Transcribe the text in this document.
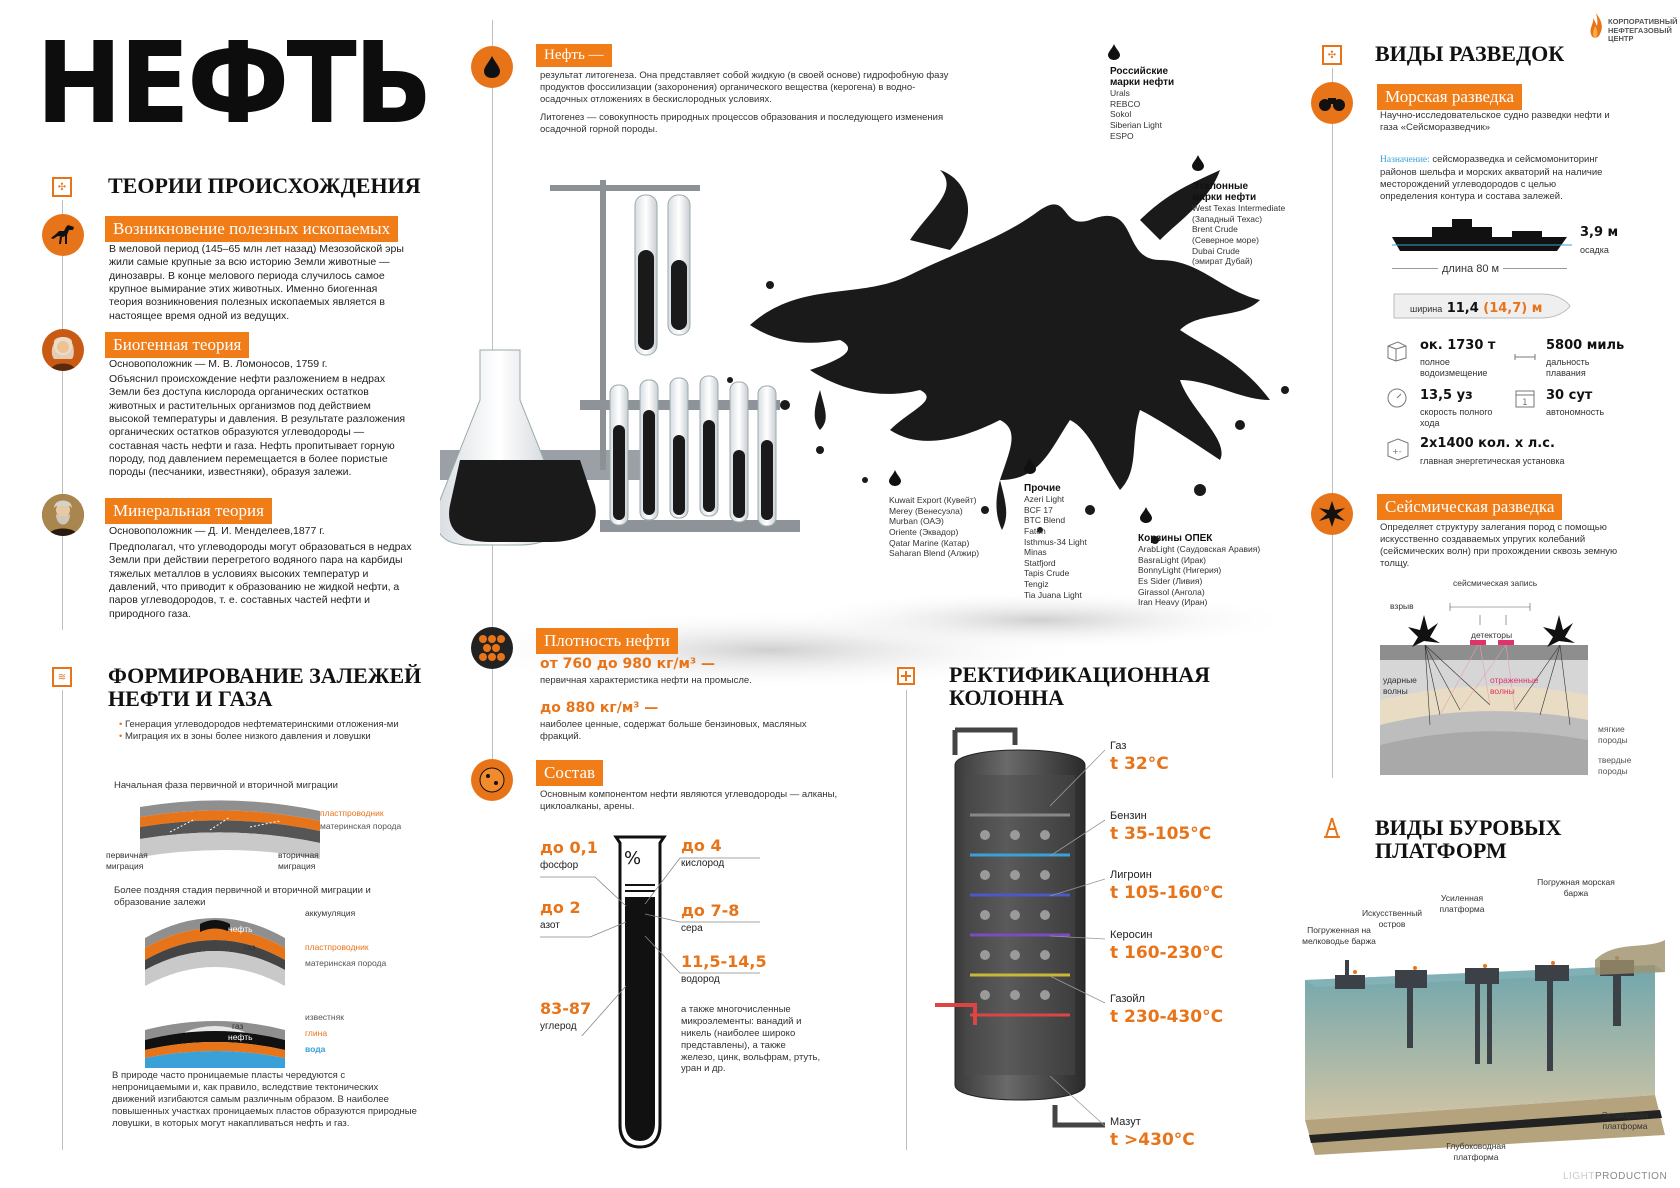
НЕФТЬ	КОРПОРАТИВНЫЙ
НЕФТЕГАЗОВЫЙ
ЦЕНТР
✣ ТЕОРИИ ПРОИСХОЖДЕНИЯ
Возникновение полезных ископаемых
В меловой период (145–65 млн лет назад) Мезозойской эры жили самые крупные за всю историю Земли животные — динозавры. В конце мелового периода случилось самое крупное вымирание этих животных. Именно биогенная теория возникновения полезных ископаемых является в настоящее время одной из ведущих.
Биогенная теория
Основоположник — М. В. Ломоносов, 1759 г.
Объяснил происхождение нефти разложением в недрах Земли без доступа кислорода органических остатков животных и растительных организмов под действием высокой температуры и давления. В результате разложения органических остатков образуются углеводороды — составная часть нефти и газа. Нефть пропитывает горную породу, под давлением перемещается в более пористые породы (песчаники, известняки), образуя залежи.
Минеральная теория
Основоположник — Д. И. Менделеев,1877 г.
Предполагал, что углеводороды могут образоваться в недрах Земли при действии перегретого водяного пара на карбиды тяжелых металлов в условиях высоких температур и давлений, что приводит к образованию не жидкой нефти, а паров углеводородов, т. е. составных частей нефти и природного газа.
≋ ФОРМИРОВАНИЕ ЗАЛЕЖЕЙ
НЕФТИ И ГАЗА
• Генерация углеводородов нефтематеринскими отложения-ми
• Миграция их в зоны более низкого давления и ловушки
Начальная фаза первичной и вторичной миграции
пластпроводник
материнская порода
первичная миграция
вторичная миграция
Более поздняя стадия первичной и вторичной миграции и образование залежи
аккумуляция
нефть
газ	пластпроводник
материнская порода
известняк
газ
нефть	глина
вода
В природе часто проницаемые пласты чередуются с непроницаемыми и, как правило, вследствие тектонических движений изгибаются самым различным образом. В наиболее повышенных участках проницаемых пластов образуются природные ловушки, в которых могут накапливаться нефть и газ.
Нефть —
результат литогенеза. Она представляет собой жидкую (в своей основе) гидрофобную фазу продуктов фоссилизации (захоронения) органического вещества (керогена) в водно-осадочных отложениях в бескислородных условиях.
Литогенез — совокупность природных процессов образования и последующего изменения осадочной горной породы.
Российские марки нефти
Urals
REBCO
Sokol
Siberian Light
ESPO
Эталонные марки нефти
West Texas Intermediate
(Западный Техас)
Brent Crude
(Северное море)
Dubai Crude
(эмират Дубай)
Kuwait Export (Кувейт)
Merey (Венесуэла)
Murban (ОАЭ)
Oriente (Эквадор)
Qatar Marine (Катар)
Saharan Blend (Алжир)
Прочие
Azeri Light
BCF 17
BTC Blend
Fateh
Isthmus-34 Light
Minas
Statfjord
Tapis Crude
Tengiz
Tia Juana Light
Корзины ОПЕК
ArabLight (Саудовская Аравия)
BasraLight (Ирак)
BonnyLight (Нигерия)
Es Sider (Ливия)
Girassol (Ангола)
Iran Heavy (Иран)
Плотность нефти
от 760 до 980 кг/м³ —
первичная характеристика нефти на промысле.
до 880 кг/м³ —
наиболее ценные, содержат больше бензиновых, масляных фракций.
Состав
Основным компонентом нефти являются углеводороды — алканы, циклоалканы, арены.
%
до 0,1
фосфор
до 2
азот
83-87
углерод
до 4
кислород
до 7-8
сера
11,5-14,5
водород
а также многочисленные микроэлементы: ванадий и никель (наиболее широко представлены), а также железо, цинк, вольфрам, ртуть, уран и др.
РЕКТИФИКАЦИОННАЯ
КОЛОННА
Газ
t 32°C
Бензин
t 35-105°C
Лигроин
t 105-160°C
Керосин
t 160-230°C
Газойл
t 230-430°C
Мазут
t >430°C
✣ ВИДЫ РАЗВЕДОК
Морская разведка
Научно-исследовательское судно разведки нефти и газа «Сейсморазведчик»
Назначение: сейсморазведка и сейсмомониторинг районов шельфа и морских акваторий на наличие месторождений углеводородов с целью определения контура и состава залежей.
3,9 м
осадка
длина 80 м
ширина 11,4 (14,7) м
ок. 1730 т
полное водоизмещение
5800 миль
дальность плавания
13,5 уз
скорость полного хода
1 30 сут
автономность
+-
2х1400 кол. х л.с.
главная энергетическая установка
Сейсмическая разведка
Определяет структуру залегания пород с помощью искусственно создаваемых упругих колебаний (сейсмических волн) при прохождении сквозь земную толщу.
сейсмическая запись
взрыв
детекторы
ударные волны
отраженные волны
мягкие породы
твердые породы
ВИДЫ БУРОВЫХ
ПЛАТФОРМ
Погруженная на мелководье баржа
Искусственный остров
Усиленная платформа
Погружная морская баржа
Глубоководная платформа
Эстакадная платформа
LIGHTPRODUCTION
